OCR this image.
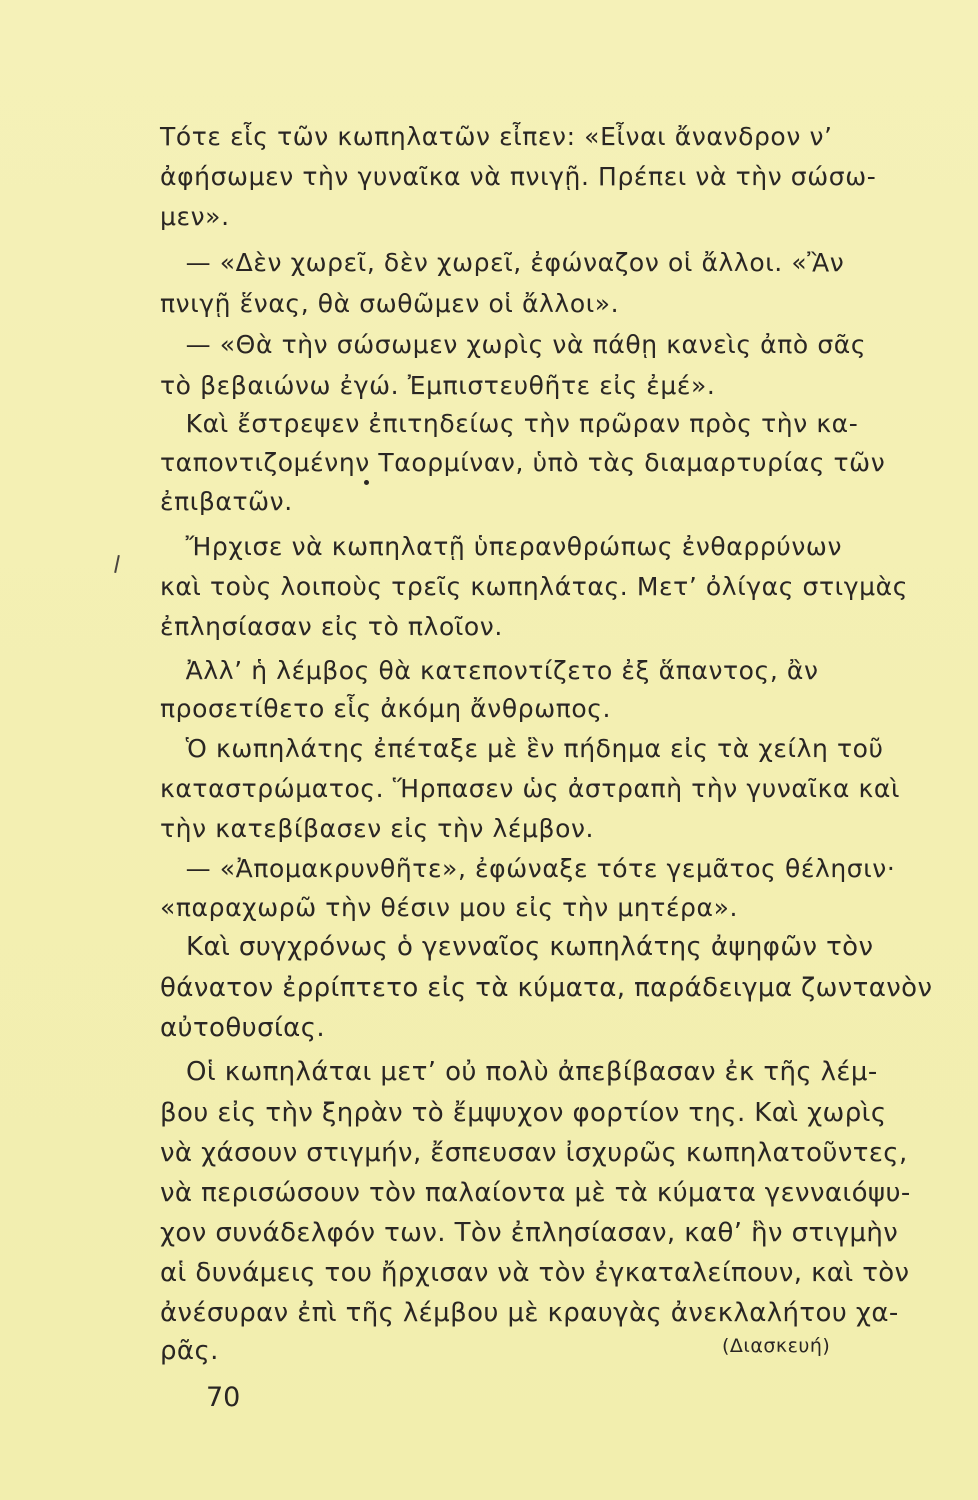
Τότε εἷς τῶν κωπηλατῶν εἶπεν: «Εἶναι ἄνανδρον ν’
ἀφήσωμεν τὴν γυναῖκα νὰ πνιγῇ. Πρέπει νὰ τὴν σώσω-
μεν».
— «Δὲν χωρεῖ, δὲν χωρεῖ, ἐφώναζον οἱ ἄλλοι. «Ἂν
πνιγῇ ἕνας, θὰ σωθῶμεν οἱ ἄλλοι».
— «Θὰ τὴν σώσωμεν χωρὶς νὰ πάθῃ κανεὶς ἀπὸ σᾶς
τὸ βεβαιώνω ἐγώ. Ἐμπιστευθῆτε εἰς ἐμέ».
Καὶ ἔστρεψεν ἐπιτηδείως τὴν πρῶραν πρὸς τὴν κα-
ταποντιζομένην Ταορμίναν, ὑπὸ τὰς διαμαρτυρίας τῶν
ἐπιβατῶν.
Ἤρχισε νὰ κωπηλατῇ ὑπερανθρώπως ἐνθαρρύνων
καὶ τοὺς λοιποὺς τρεῖς κωπηλάτας. Μετ’ ὀλίγας στιγμὰς
ἐπλησίασαν εἰς τὸ πλοῖον.
Ἀλλ’ ἡ λέμβος θὰ κατεποντίζετο ἐξ ἅπαντος, ἂν
προσετίθετο εἷς ἀκόμη ἄνθρωπος.
Ὁ κωπηλάτης ἐπέταξε μὲ ἓν πήδημα εἰς τὰ χείλη τοῦ
καταστρώματος. Ἥρπασεν ὡς ἀστραπὴ τὴν γυναῖκα καὶ
τὴν κατεβίβασεν εἰς τὴν λέμβον.
— «Ἀπομακρυνθῆτε», ἐφώναξε τότε γεμᾶτος θέλησιν·
«παραχωρῶ τὴν θέσιν μου εἰς τὴν μητέρα».
Καὶ συγχρόνως ὁ γενναῖος κωπηλάτης ἀψηφῶν τὸν
θάνατον ἐρρίπτετο εἰς τὰ κύματα, παράδειγμα ζωντανὸν
αὐτοθυσίας.
Οἱ κωπηλάται μετ’ οὐ πολὺ ἀπεβίβασαν ἐκ τῆς λέμ-
βου εἰς τὴν ξηρὰν τὸ ἔμψυχον φορτίον της. Καὶ χωρὶς
νὰ χάσουν στιγμήν, ἔσπευσαν ἰσχυρῶς κωπηλατοῦντες,
νὰ περισώσουν τὸν παλαίοντα μὲ τὰ κύματα γενναιόψυ-
χον συνάδελφόν των. Τὸν ἐπλησίασαν, καθ’ ἣν στιγμὴν
αἱ δυνάμεις του ἤρχισαν νὰ τὸν ἐγκαταλείπουν, καὶ τὸν
ἀνέσυραν ἐπὶ τῆς λέμβου μὲ κραυγὰς ἀνεκλαλήτου χα-
ρᾶς.	(Διασκευή)
70
